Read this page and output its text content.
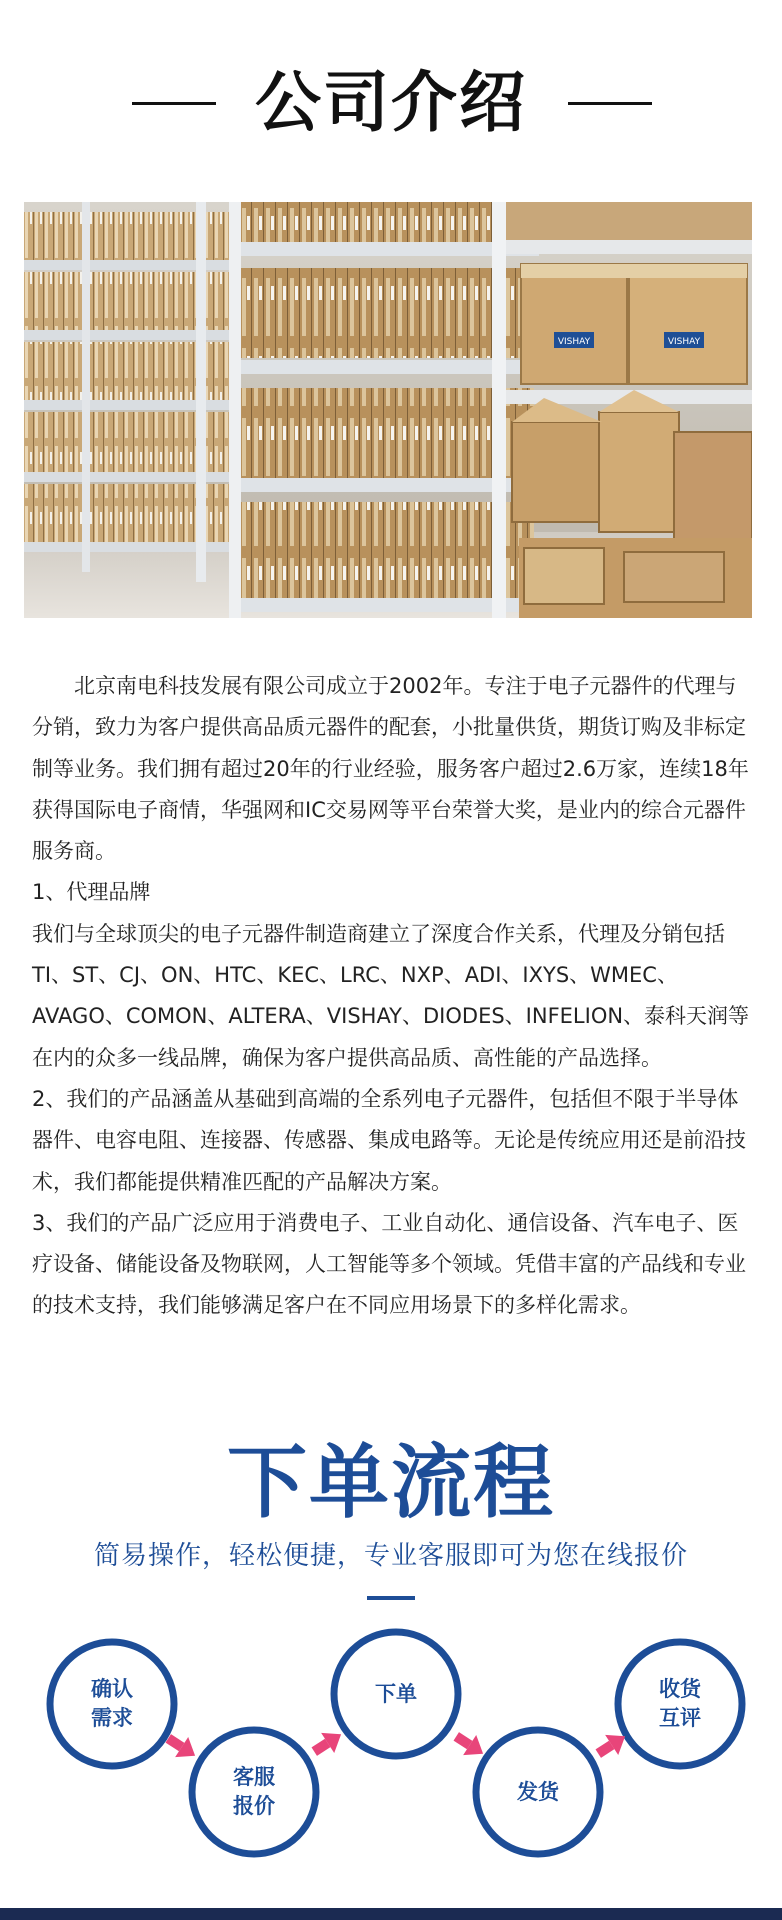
公司介绍
VISHAY	VISHAY

北京南电科技发展有限公司成立于2002年。专注于电子元器件的代理与分销，致力为客户提供高品质元器件的配套，小批量供货，期货订购及非标定制等业务。我们拥有超过20年的行业经验，服务客户超过2.6万家，连续18年获得国际电子商情，华强网和IC交易网等平台荣誉大奖，是业内的综合元器件服务商。

1、代理品牌

我们与全球顶尖的电子元器件制造商建立了深度合作关系，代理及分销包括TI、ST、CJ、ON、HTC、KEC、LRC、NXP、ADI、IXYS、WMEC、AVAGO、COMON、ALTERA、VISHAY、DIODES、INFELION、泰科天润等在内的众多一线品牌，确保为客户提供高品质、高性能的产品选择。

2、我们的产品涵盖从基础到高端的全系列电子元器件，包括但不限于半导体器件、电容电阻、连接器、传感器、集成电路等。无论是传统应用还是前沿技术，我们都能提供精准匹配的产品解决方案。

3、我们的产品广泛应用于消费电子、工业自动化、通信设备、汽车电子、医疗设备、储能设备及物联网，人工智能等多个领域。凭借丰富的产品线和专业的技术支持，我们能够满足客户在不同应用场景下的多样化需求。

下单流程
简易操作，轻松便捷，专业客服即可为您在线报价
确认
需求
客服
报价
下单
发货
收货
互评
